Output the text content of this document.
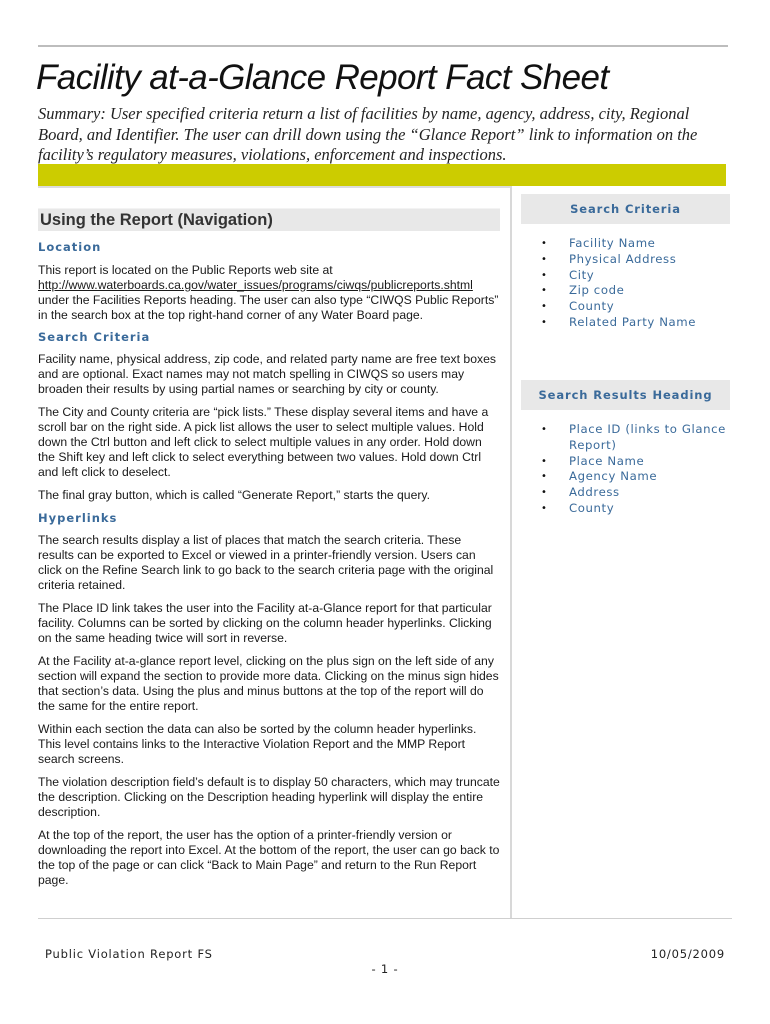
Facility at-a-Glance Report Fact Sheet

Summary: User specified criteria return a list of facilities by name, agency, address, city, Regional Board, and Identifier. The user can drill down using the “Glance Report” link to information on the facility’s regulatory measures, violations, enforcement and inspections.

Using the Report (Navigation)

Location

This report is located on the Public Reports web site at
http://www.waterboards.ca.gov/water_issues/programs/ciwqs/publicreports.shtml
under the Facilities Reports heading. The user can also type “CIWQS Public Reports” in the search box at the top right-hand corner of any Water Board page.

Search Criteria

Facility name, physical address, zip code, and related party name are free text boxes and are optional. Exact names may not match spelling in CIWQS so users may broaden their results by using partial names or searching by city or county.

The City and County criteria are “pick lists.” These display several items and have a scroll bar on the right side. A pick list allows the user to select multiple values. Hold down the Ctrl button and left click to select multiple values in any order. Hold down the Shift key and left click to select everything between two values. Hold down Ctrl and left click to deselect.

The final gray button, which is called “Generate Report,” starts the query.

Hyperlinks

The search results display a list of places that match the search criteria. These results can be exported to Excel or viewed in a printer-friendly version. Users can click on the Refine Search link to go back to the search criteria page with the original criteria retained.

The Place ID link takes the user into the Facility at-a-Glance report for that particular facility. Columns can be sorted by clicking on the column header hyperlinks. Clicking on the same heading twice will sort in reverse.

At the Facility at-a-glance report level, clicking on the plus sign on the left side of any section will expand the section to provide more data. Clicking on the minus sign hides that section’s data. Using the plus and minus buttons at the top of the report will do the same for the entire report.

Within each section the data can also be sorted by the column header hyperlinks. This level contains links to the Interactive Violation Report and the MMP Report search screens.

The violation description field’s default is to display 50 characters, which may truncate the description. Clicking on the Description heading hyperlink will display the entire description.

At the top of the report, the user has the option of a printer-friendly version or downloading the report into Excel. At the bottom of the report, the user can go back to the top of the page or can click “Back to Main Page” and return to the Run Report page.

Search Criteria
• Facility Name
• Physical Address
• City
• Zip code
• County
• Related Party Name
Search Results Heading
• Place ID (links to Glance Report)
• Place Name
• Agency Name
• Address
• County
Public Violation Report FS	10/05/2009
- 1 -
